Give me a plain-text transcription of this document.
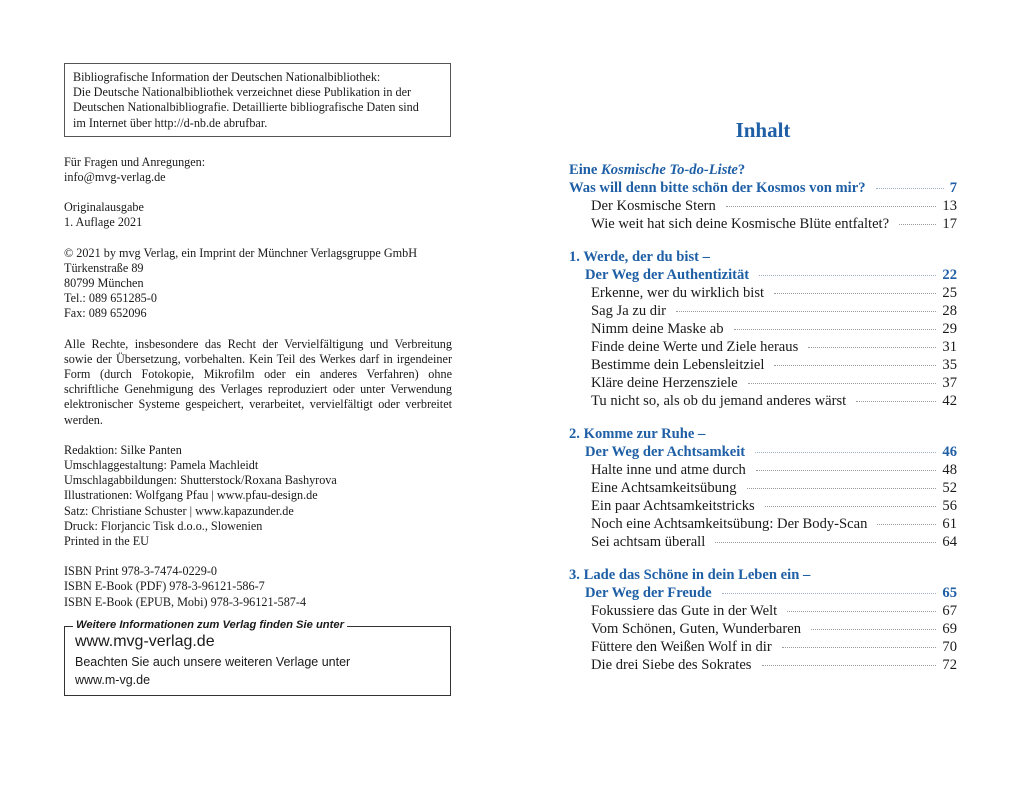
Bibliografische Information der Deutschen Nationalbibliothek:
Die Deutsche Nationalbibliothek verzeichnet diese Publikation in der
Deutschen Nationalbibliografie. Detaillierte bibliografische Daten sind
im Internet über http://d-nb.de abrufbar.
Für Fragen und Anregungen:
info@mvg-verlag.de
Originalausgabe
1. Auflage 2021
© 2021 by mvg Verlag, ein Imprint der Münchner Verlagsgruppe GmbH
Türkenstraße 89
80799 München
Tel.: 089 651285-0
Fax: 089 652096
Alle Rechte, insbesondere das Recht der Vervielfältigung und Verbreitung sowie der Übersetzung, vorbehalten. Kein Teil des Werkes darf in irgendeiner Form (durch Fotokopie, Mikrofilm oder ein anderes Verfahren) ohne schriftliche Genehmigung des Verlages reproduziert oder unter Verwendung elektronischer Systeme gespeichert, verarbeitet, vervielfältigt oder verbreitet werden.
Redaktion: Silke Panten
Umschlaggestaltung: Pamela Machleidt
Umschlagabbildungen: Shutterstock/Roxana Bashyrova
Illustrationen: Wolfgang Pfau | www.pfau-design.de
Satz: Christiane Schuster | www.kapazunder.de
Druck: Florjancic Tisk d.o.o., Slowenien
Printed in the EU
ISBN Print 978-3-7474-0229-0
ISBN E-Book (PDF) 978-3-96121-586-7
ISBN E-Book (EPUB, Mobi) 978-3-96121-587-4
Weitere Informationen zum Verlag finden Sie unter
www.mvg-verlag.de
Beachten Sie auch unsere weiteren Verlage unter
www.m-vg.de
Inhalt
Eine Kosmische To-do-Liste?
Was will denn bitte schön der Kosmos von mir?	7
Der Kosmische Stern	13
Wie weit hat sich deine Kosmische Blüte entfaltet?	17
1. Werde, der du bist –
Der Weg der Authentizität	22
Erkenne, wer du wirklich bist	25
Sag Ja zu dir	28
Nimm deine Maske ab	29
Finde deine Werte und Ziele heraus	31
Bestimme dein Lebensleitziel	35
Kläre deine Herzensziele	37
Tu nicht so, als ob du jemand anderes wärst	42
2. Komme zur Ruhe –
Der Weg der Achtsamkeit	46
Halte inne und atme durch	48
Eine Achtsamkeitsübung	52
Ein paar Achtsamkeitstricks	56
Noch eine Achtsamkeitsübung: Der Body-Scan	61
Sei achtsam überall	64
3. Lade das Schöne in dein Leben ein –
Der Weg der Freude	65
Fokussiere das Gute in der Welt	67
Vom Schönen, Guten, Wunderbaren	69
Füttere den Weißen Wolf in dir	70
Die drei Siebe des Sokrates	72
